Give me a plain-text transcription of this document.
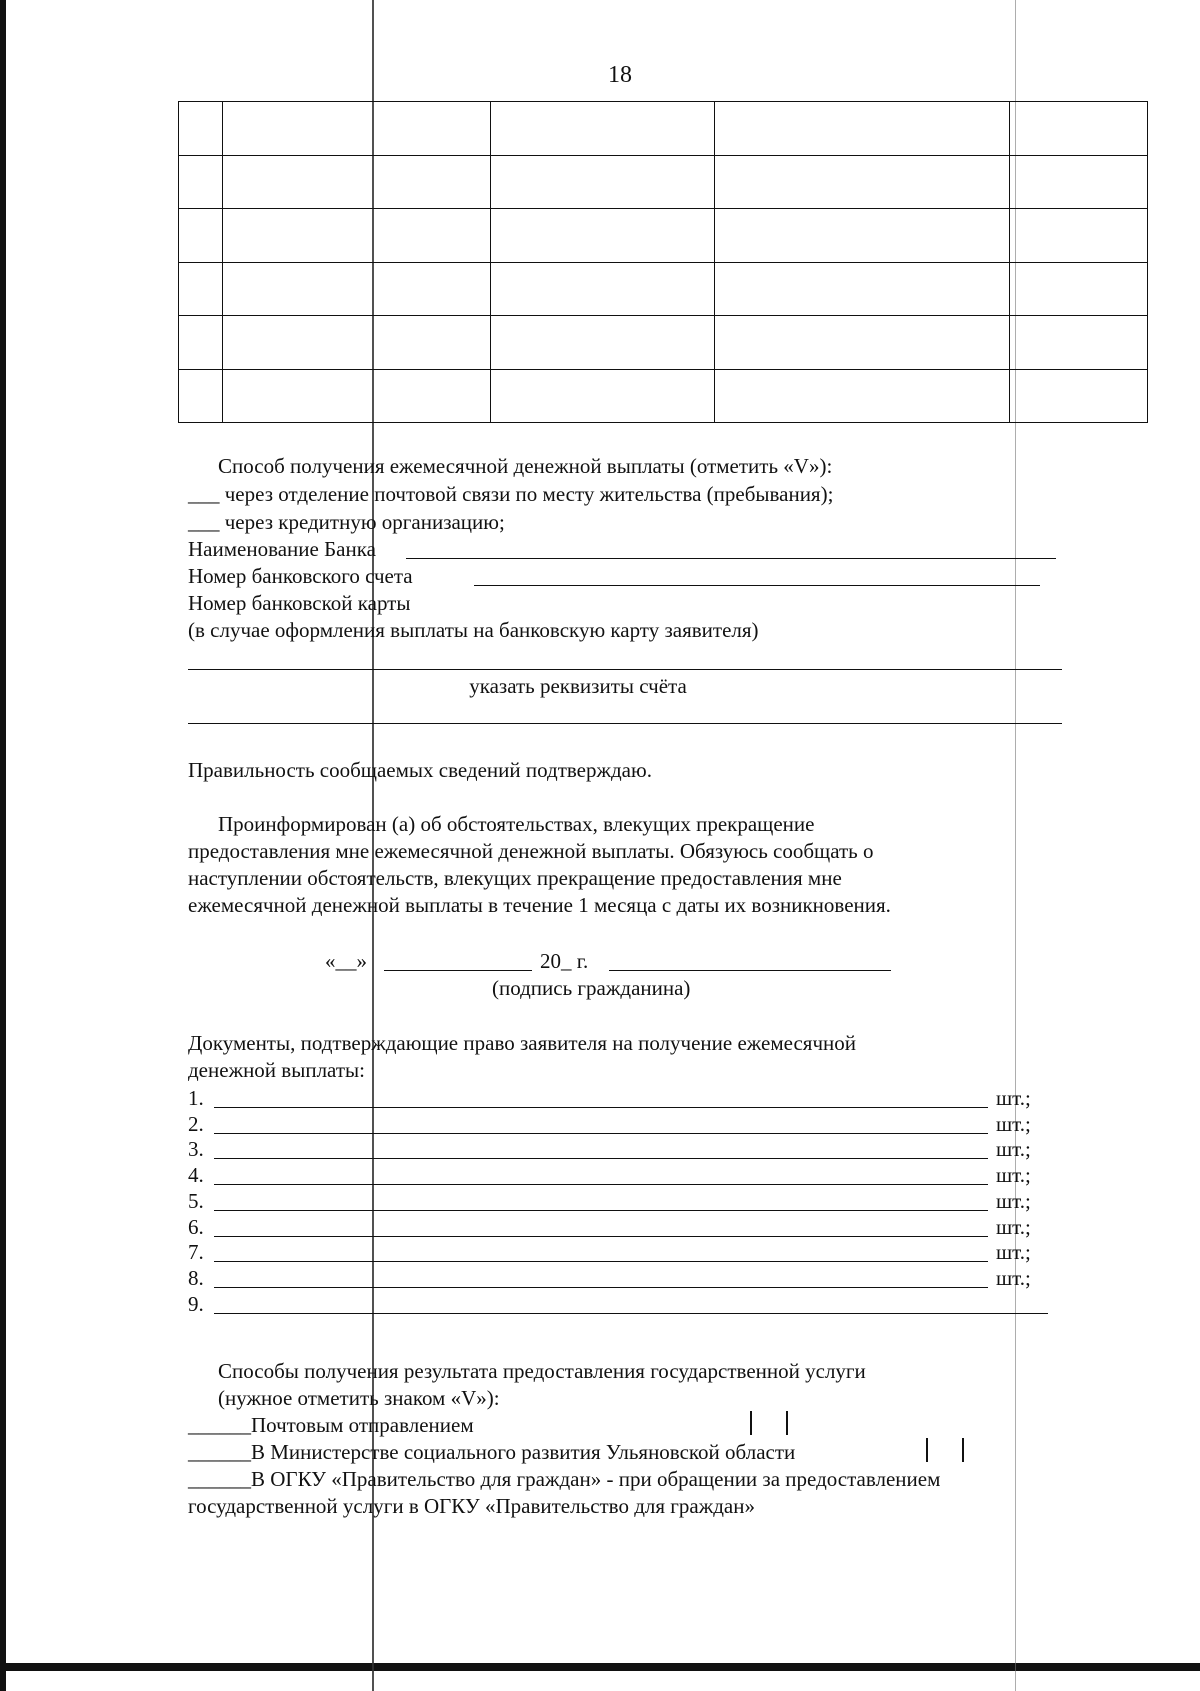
18

Способ получения ежемесячной денежной выплаты (отметить «V»):
___ через отделение почтовой связи по месту жительства (пребывания);
___ через кредитную организацию;
Наименование Банка
Номер банковского счета
Номер банковской карты
(в случае оформления выплаты на банковскую карту заявителя)
указать реквизиты счёта
Правильность сообщаемых сведений подтверждаю.
Проинформирован (а) об обстоятельствах, влекущих прекращение
предоставления мне ежемесячной денежной выплаты. Обязуюсь сообщать о
наступлении обстоятельств, влекущих прекращение предоставления мне
ежемесячной денежной выплаты в течение 1 месяца с даты их возникновения.
«__»	20_ г.
(подпись гражданина)
Документы, подтверждающие право заявителя на получение ежемесячной
денежной выплаты:
1.	шт.;
2.	шт.;
3.	шт.;
4.	шт.;
5.	шт.;
6.	шт.;
7.	шт.;
8.	шт.;
9.
Способы получения результата предоставления государственной услуги
(нужное отметить знаком «V»):
______Почтовым отправлением
______В Министерстве социального развития Ульяновской области
______В ОГКУ «Правительство для граждан» - при обращении за предоставлением
государственной услуги в ОГКУ «Правительство для граждан»
